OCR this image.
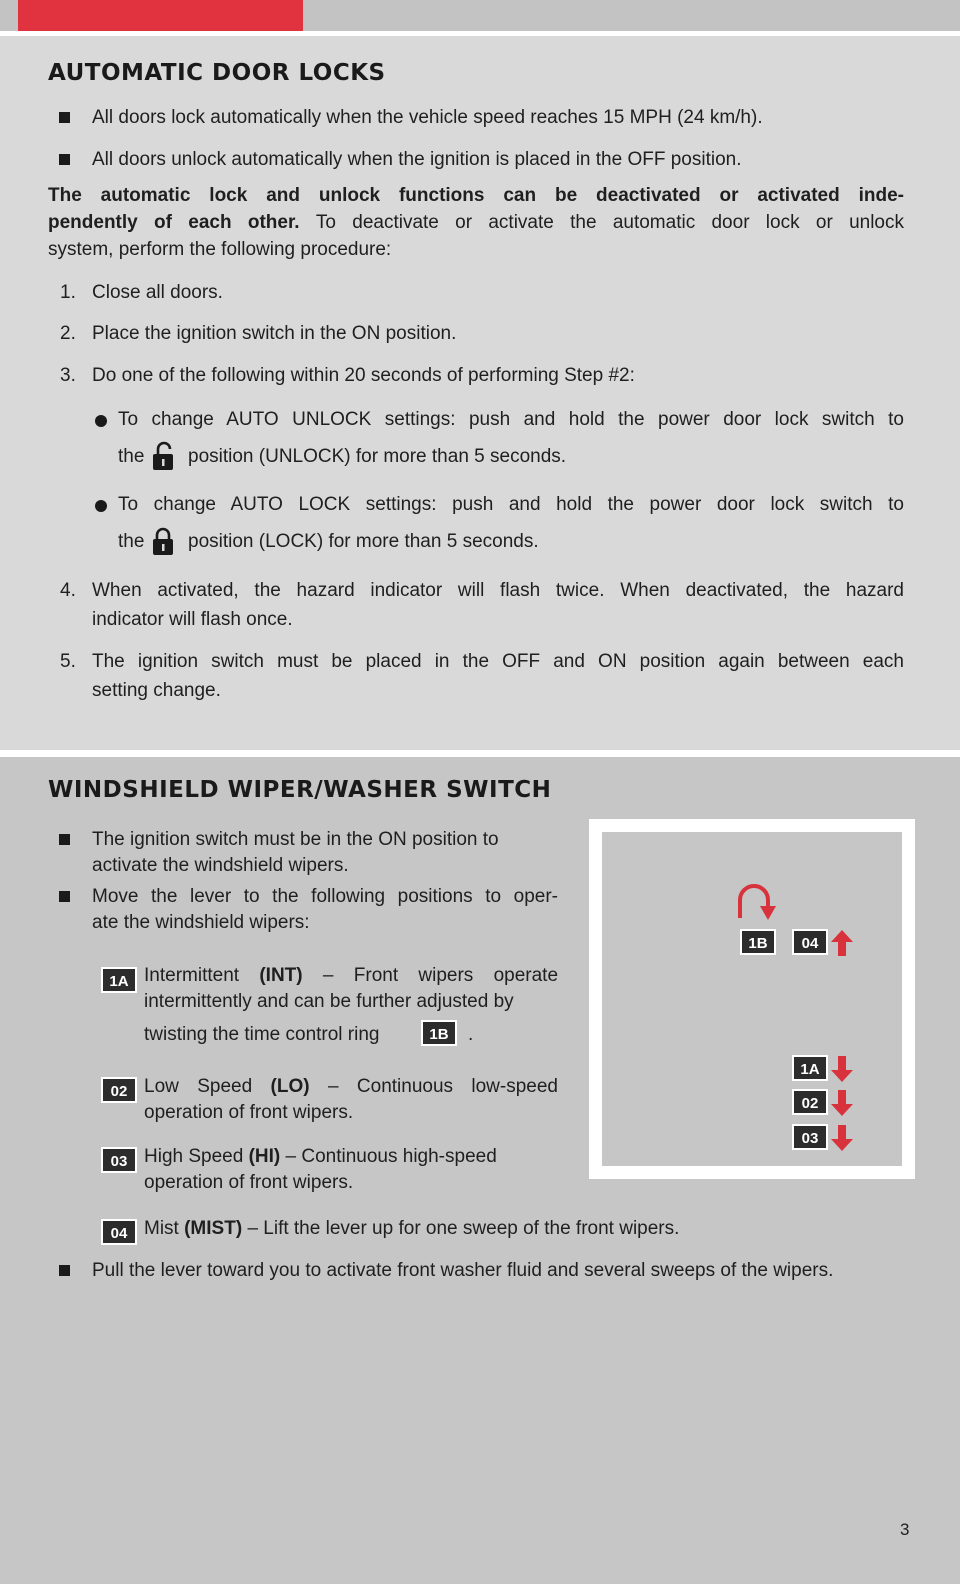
AUTOMATIC DOOR LOCKS
All doors lock automatically when the vehicle speed reaches 15 MPH (24 km/h).
All doors unlock automatically when the ignition is placed in the OFF position.
The automatic lock and unlock functions can be deactivated or activated inde-
pendently of each other. To deactivate or activate the automatic door lock or unlock
system, perform the following procedure:
1. Close all doors.
2. Place the ignition switch in the ON position.
3. Do one of the following within 20 seconds of performing Step #2:
To change AUTO UNLOCK settings: push and hold the power door lock switch to
the position (UNLOCK) for more than 5 seconds.
To change AUTO LOCK settings: push and hold the power door lock switch to
the position (LOCK) for more than 5 seconds.
4. When activated, the hazard indicator will flash twice. When deactivated, the hazard
indicator will flash once.
5. The ignition switch must be placed in the OFF and ON position again between each
setting change.
WINDSHIELD WIPER/WASHER SWITCH
The ignition switch must be in the ON position to
activate the windshield wipers.
Move the lever to the following positions to oper-
ate the windshield wipers:
1A Intermittent (INT) – Front wipers operate
intermittently and can be further adjusted by
twisting the time control ring	1B	.
02 Low Speed (LO) – Continuous low-speed
operation of front wipers.
03 High Speed (HI) – Continuous high-speed
operation of front wipers.
04 Mist (MIST) – Lift the lever up for one sweep of the front wipers.
Pull the lever toward you to activate front washer fluid and several sweeps of the wipers.
1B	04
1A
02
03
3
